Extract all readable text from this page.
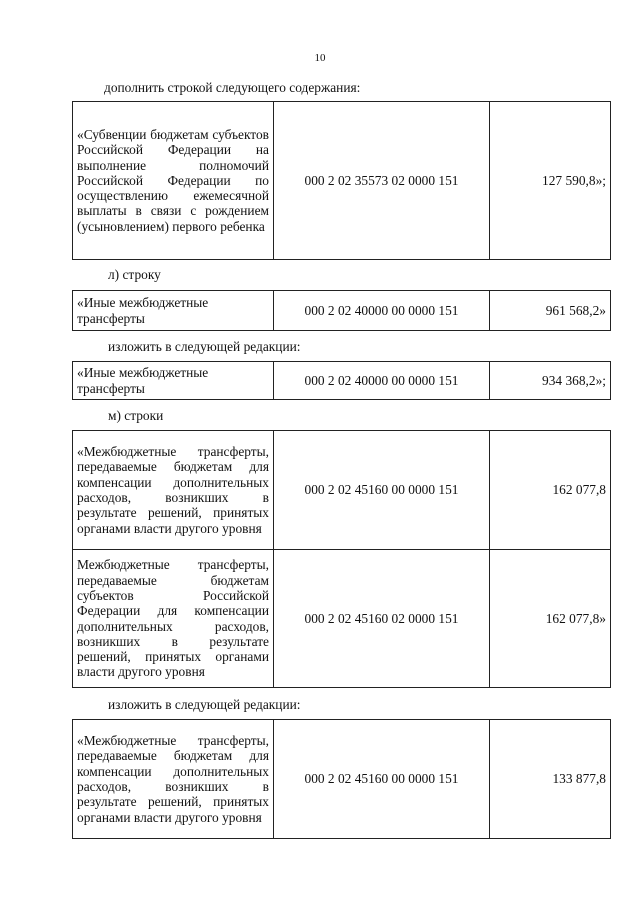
10
дополнить строкой следующего содержания:
«Субвенции бюджетам субъектов Российской Федерации на выполнение полномочий Российской Федерации по осуществлению ежемесячной выплаты в связи с рождением (усыновлением) первого ребенка	000 2 02 35573 02 0000 151	127 590,8»;
л) строку
«Иные межбюджетные трансферты	000 2 02 40000 00 0000 151	961 568,2»
изложить в следующей редакции:
«Иные межбюджетные трансферты	000 2 02 40000 00 0000 151	934 368,2»;
м) строки
«Межбюджетные трансферты, передаваемые бюджетам для компенсации дополнительных расходов, возникших в результате решений, принятых органами власти другого уровня	000 2 02 45160 00 0000 151	162 077,8
Межбюджетные трансферты, передаваемые бюджетам субъектов Российской Федерации для компенсации дополнительных расходов, возникших в результате решений, принятых органами власти другого уровня	000 2 02 45160 02 0000 151	162 077,8»
изложить в следующей редакции:
«Межбюджетные трансферты, передаваемые бюджетам для компенсации дополнительных расходов, возникших в результате решений, принятых органами власти другого уровня	000 2 02 45160 00 0000 151	133 877,8
